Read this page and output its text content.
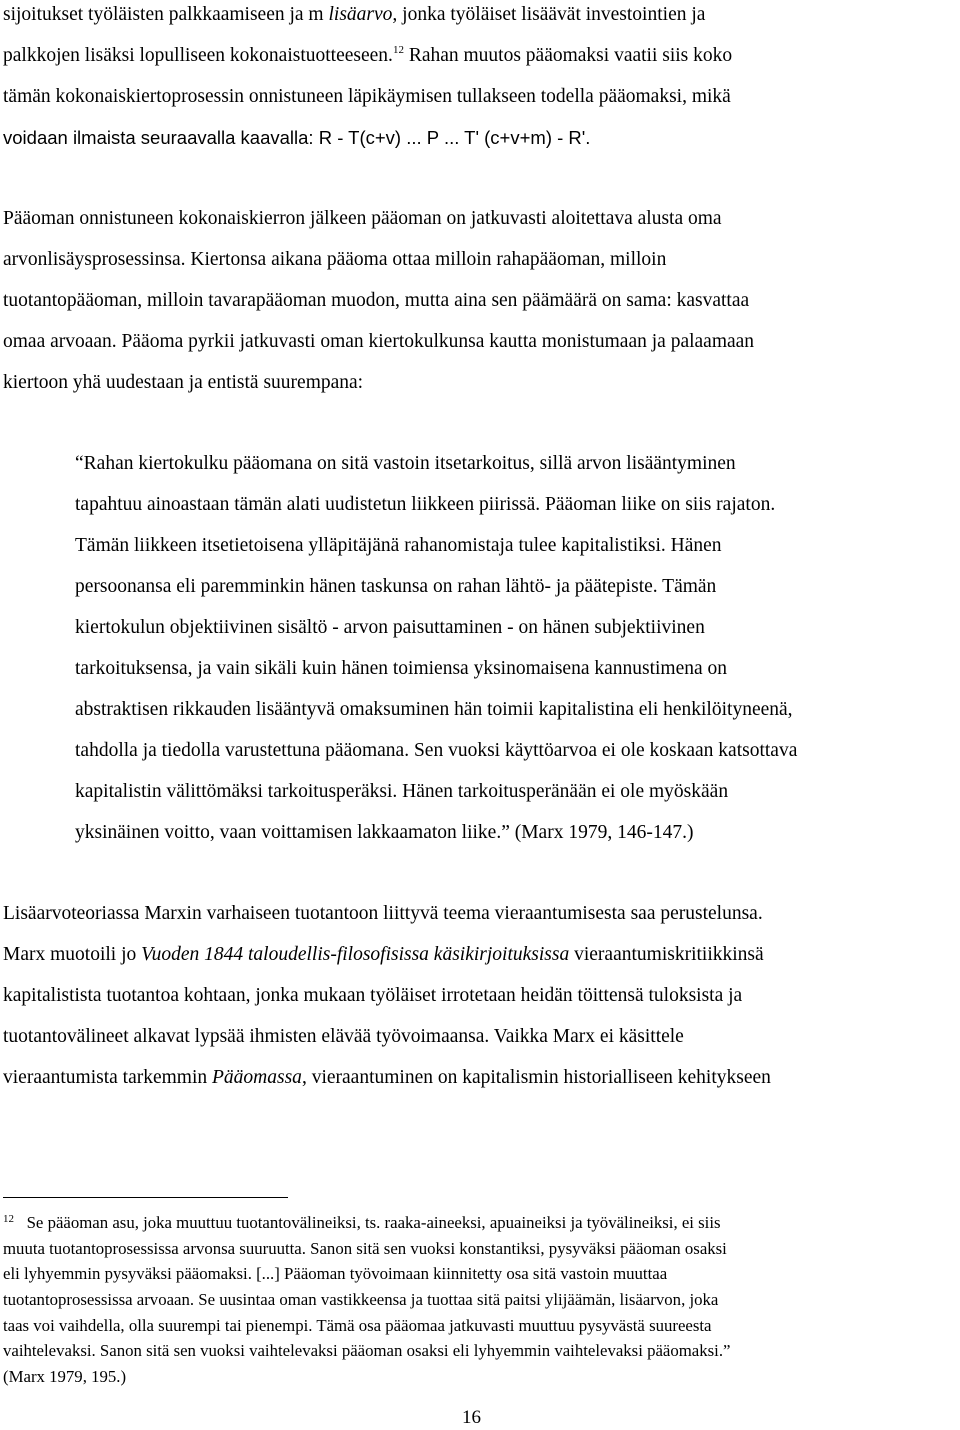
sijoitukset työläisten palkkaamiseen ja m lisäarvo, jonka työläiset lisäävät investointien ja

palkkojen lisäksi lopulliseen kokonaistuotteeseen.$^{12}$ Rahan muutos pääomaksi vaatii siis koko

tämän kokonaiskiertoprosessin onnistuneen läpikäymisen tullakseen todella pääomaksi, mikä

voidaan ilmaista seuraavalla kaavalla: R - T(c+v) ... P ... T' (c+v+m) - R'.

Pääoman onnistuneen kokonaiskierron jälkeen pääoman on jatkuvasti aloitettava alusta oma

arvonlisäysprosessinsa. Kiertonsa aikana pääoma ottaa milloin rahapääoman, milloin

tuotantopääoman, milloin tavarapääoman muodon, mutta aina sen päämäärä on sama: kasvattaa

omaa arvoaan. Pääoma pyrkii jatkuvasti oman kiertokulkunsa kautta monistumaan ja palaamaan

kiertoon yhä uudestaan ja entistä suurempana:

“Rahan kiertokulku pääomana on sitä vastoin itsetarkoitus, sillä arvon lisääntyminen

tapahtuu ainoastaan tämän alati uudistetun liikkeen piirissä. Pääoman liike on siis rajaton.

Tämän liikkeen itsetietoisena ylläpitäjänä rahanomistaja tulee kapitalistiksi. Hänen

persoonansa eli paremminkin hänen taskunsa on rahan lähtö- ja päätepiste. Tämän

kiertokulun objektiivinen sisältö - arvon paisuttaminen - on hänen subjektiivinen

tarkoituksensa, ja vain sikäli kuin hänen toimiensa yksinomaisena kannustimena on

abstraktisen rikkauden lisääntyvä omaksuminen hän toimii kapitalistina eli henkilöityneenä,

tahdolla ja tiedolla varustettuna pääomana. Sen vuoksi käyttöarvoa ei ole koskaan katsottava

kapitalistin välittömäksi tarkoitusperäksi. Hänen tarkoitusperänään ei ole myöskään

yksinäinen voitto, vaan voittamisen lakkaamaton liike.” (Marx 1979, 146-147.)

Lisäarvoteoriassa Marxin varhaiseen tuotantoon liittyvä teema vieraantumisesta saa perustelunsa.

Marx muotoili jo Vuoden 1844 taloudellis-filosofisissa käsikirjoituksissa vieraantumiskritiikkinsä

kapitalistista tuotantoa kohtaan, jonka mukaan työläiset irrotetaan heidän töittensä tuloksista ja

tuotantovälineet alkavat lypsää ihmisten elävää työvoimaansa. Vaikka Marx ei käsittele

vieraantumista tarkemmin Pääomassa, vieraantuminen on kapitalismin historialliseen kehitykseen

$^{12}$ Se pääoman asu, joka muuttuu tuotantovälineiksi, ts. raaka-aineeksi, apuaineiksi ja työvälineiksi, ei siis

muuta tuotantoprosessissa arvonsa suuruutta. Sanon sitä sen vuoksi konstantiksi, pysyväksi pääoman osaksi

eli lyhyemmin pysyväksi pääomaksi. [...] Pääoman työvoimaan kiinnitetty osa sitä vastoin muuttaa

tuotantoprosessissa arvoaan. Se uusintaa oman vastikkeensa ja tuottaa sitä paitsi ylijäämän, lisäarvon, joka

taas voi vaihdella, olla suurempi tai pienempi. Tämä osa pääomaa jatkuvasti muuttuu pysyvästä suureesta

vaihtelevaksi. Sanon sitä sen vuoksi vaihtelevaksi pääoman osaksi eli lyhyemmin vaihtelevaksi pääomaksi.”

(Marx 1979, 195.)

16
